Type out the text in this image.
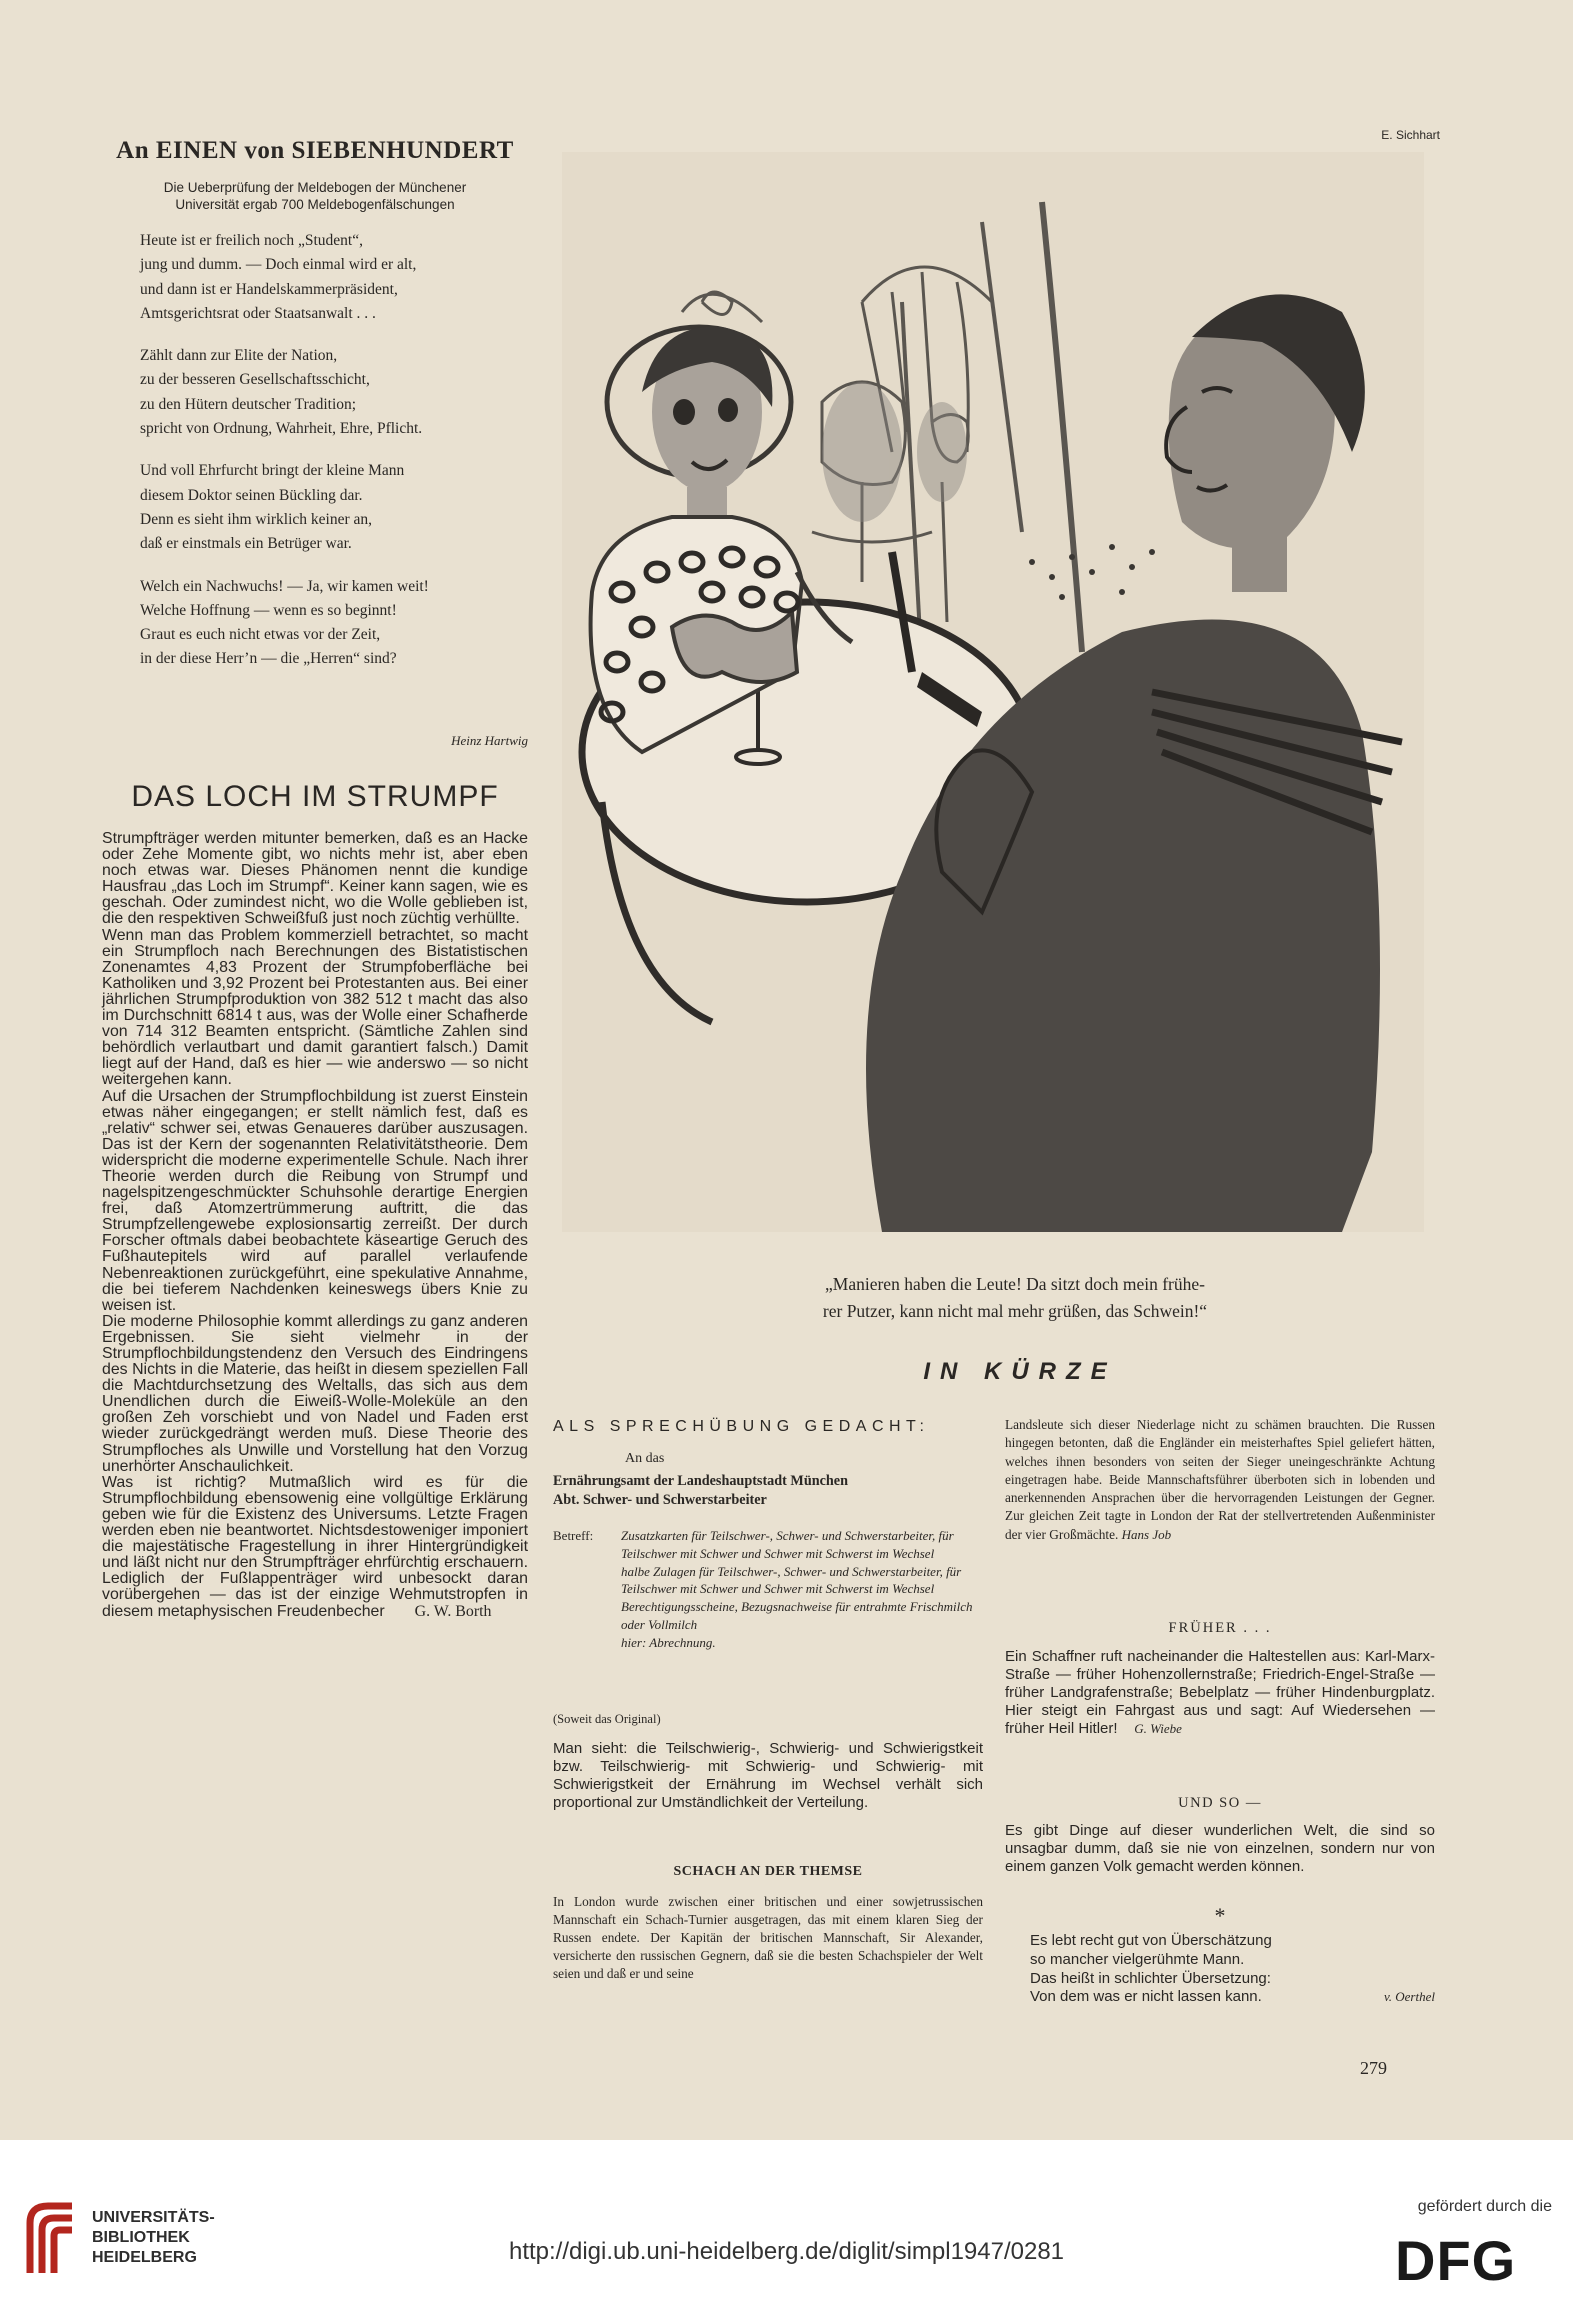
An EINEN von SIEBENHUNDERT
Die Ueberprüfung der Meldebogen der Münchener
Universität ergab 700 Meldebogenfälschungen
Heute ist er freilich noch „Student“,
jung und dumm. — Doch einmal wird er alt,
und dann ist er Handelskammerpräsident,
Amtsgerichtsrat oder Staatsanwalt . . .
Zählt dann zur Elite der Nation,
zu der besseren Gesellschaftsschicht,
zu den Hütern deutscher Tradition;
spricht von Ordnung, Wahrheit, Ehre, Pflicht.
Und voll Ehrfurcht bringt der kleine Mann
diesem Doktor seinen Bückling dar.
Denn es sieht ihm wirklich keiner an,
daß er einstmals ein Betrüger war.
Welch ein Nachwuchs! — Ja, wir kamen weit!
Welche Hoffnung — wenn es so beginnt!
Graut es euch nicht etwas vor der Zeit,
in der diese Herr’n — die „Herren“ sind?
Heinz Hartwig
DAS LOCH IM STRUMPF

Strumpfträger werden mitunter bemerken, daß es an Hacke oder Zehe Momente gibt, wo nichts mehr ist, aber eben noch etwas war. Dieses Phänomen nennt die kundige Hausfrau „das Loch im Strumpf“. Keiner kann sagen, wie es geschah. Oder zumindest nicht, wo die Wolle geblieben ist, die den respektiven Schweißfuß just noch züchtig verhüllte.

Wenn man das Problem kommerziell betrachtet, so macht ein Strumpfloch nach Berechnungen des Bistatistischen Zonenamtes 4,83 Prozent der Strumpfoberfläche bei Katholiken und 3,92 Prozent bei Protestanten aus. Bei einer jährlichen Strumpfproduktion von 382 512 t macht das also im Durchschnitt 6814 t aus, was der Wolle einer Schafherde von 714 312 Beamten entspricht. (Sämtliche Zahlen sind behördlich verlautbart und damit garantiert falsch.) Damit liegt auf der Hand, daß es hier — wie anderswo — so nicht weitergehen kann.

Auf die Ursachen der Strumpflochbildung ist zuerst Einstein etwas näher eingegangen; er stellt nämlich fest, daß es „relativ“ schwer sei, etwas Genaueres darüber auszusagen. Das ist der Kern der sogenannten Relativitätstheorie. Dem widerspricht die moderne experimentelle Schule. Nach ihrer Theorie werden durch die Reibung von Strumpf und nagelspitzengeschmückter Schuhsohle derartige Energien frei, daß Atomzertrümmerung auftritt, die das Strumpfzellengewebe explosionsartig zerreißt. Der durch Forscher oftmals dabei beobachtete käseartige Geruch des Fußhautepitels wird auf parallel verlaufende Nebenreaktionen zurückgeführt, eine spekulative Annahme, die bei tieferem Nachdenken keineswegs übers Knie zu weisen ist.

Die moderne Philosophie kommt allerdings zu ganz anderen Ergebnissen. Sie sieht vielmehr in der Strumpflochbildungstendenz den Versuch des Eindringens des Nichts in die Materie, das heißt in diesem speziellen Fall die Machtdurchsetzung des Weltalls, das sich aus dem Unendlichen durch die Eiweiß-Wolle-Moleküle an den großen Zeh vorschiebt und von Nadel und Faden erst wieder zurückgedrängt werden muß. Diese Theorie des Strumpfloches als Unwille und Vorstellung hat den Vorzug unerhörter Anschaulichkeit.

Was ist richtig? Mutmaßlich wird es für die Strumpflochbildung ebensowenig eine vollgültige Erklärung geben wie für die Existenz des Universums. Letzte Fragen werden eben nie beantwortet. Nichtsdestoweniger imponiert die majestätische Fragestellung in ihrer Hintergründigkeit und läßt nicht nur den Strumpfträger ehrfürchtig erschauern. Lediglich der Fußlappenträger wird unbesockt daran vorübergehen — das ist der einzige Wehmutstropfen in diesem metaphysischen Freudenbecher G. W. Borth

E. Sichhart
„Manieren haben die Leute! Da sitzt doch mein frühe-
rer Putzer, kann nicht mal mehr grüßen, das Schwein!“
IN KÜRZE
ALS SPRECHÜBUNG GEDACHT:
An das
Ernährungsamt der Landeshauptstadt München
Abt. Schwer- und Schwerstarbeiter
Betreff: Zusatzkarten für Teilschwer-, Schwer- und Schwerstarbeiter, für Teilschwer mit Schwer und Schwer mit Schwerst im Wechsel
halbe Zulagen für Teilschwer-, Schwer- und Schwerstarbeiter, für Teilschwer mit Schwer und Schwer mit Schwerst im Wechsel
Berechtigungsscheine, Bezugsnachweise für entrahmte Frischmilch oder Vollmilch
hier: Abrechnung.
(Soweit das Original)
Man sieht: die Teilschwierig-, Schwierig- und Schwierigstkeit bzw. Teilschwierig- mit Schwierig- und Schwierig- mit Schwierigstkeit der Ernährung im Wechsel verhält sich proportional zur Umständlichkeit der Verteilung.
SCHACH AN DER THEMSE
In London wurde zwischen einer britischen und einer sowjetrussischen Mannschaft ein Schach-Turnier ausgetragen, das mit einem klaren Sieg der Russen endete. Der Kapitän der britischen Mannschaft, Sir Alexander, versicherte den russischen Gegnern, daß sie die besten Schachspieler der Welt seien und daß er und seine
Landsleute sich dieser Niederlage nicht zu schämen brauchten. Die Russen hingegen betonten, daß die Engländer ein meisterhaftes Spiel geliefert hätten, welches ihnen besonders von seiten der Sieger uneingeschränkte Achtung eingetragen habe. Beide Mannschaftsführer überboten sich in lobenden und anerkennenden Ansprachen über die hervorragenden Leistungen der Gegner. Zur gleichen Zeit tagte in London der Rat der stellvertretenden Außenminister der vier Großmächte. Hans Job
FRÜHER . . .
Ein Schaffner ruft nacheinander die Haltestellen aus: Karl-Marx-Straße — früher Hohenzollernstraße; Friedrich-Engel-Straße — früher Landgrafenstraße; Bebelplatz — früher Hindenburgplatz. Hier steigt ein Fahrgast aus und sagt: Auf Wiedersehen — früher Heil Hitler! G. Wiebe
UND SO —
Es gibt Dinge auf dieser wunderlichen Welt, die sind so unsagbar dumm, daß sie nie von einzelnen, sondern nur von einem ganzen Volk gemacht werden können.
*
Es lebt recht gut von Überschätzung
so mancher vielgerühmte Mann.
Das heißt in schlichter Übersetzung:
Von dem was er nicht lassen kann.	v. Oerthel
279
UNIVERSITÄTS-
BIBLIOTHEK
HEIDELBERG	http://digi.ub.uni-heidelberg.de/diglit/simpl1947/0281
gefördert durch die
DFG
